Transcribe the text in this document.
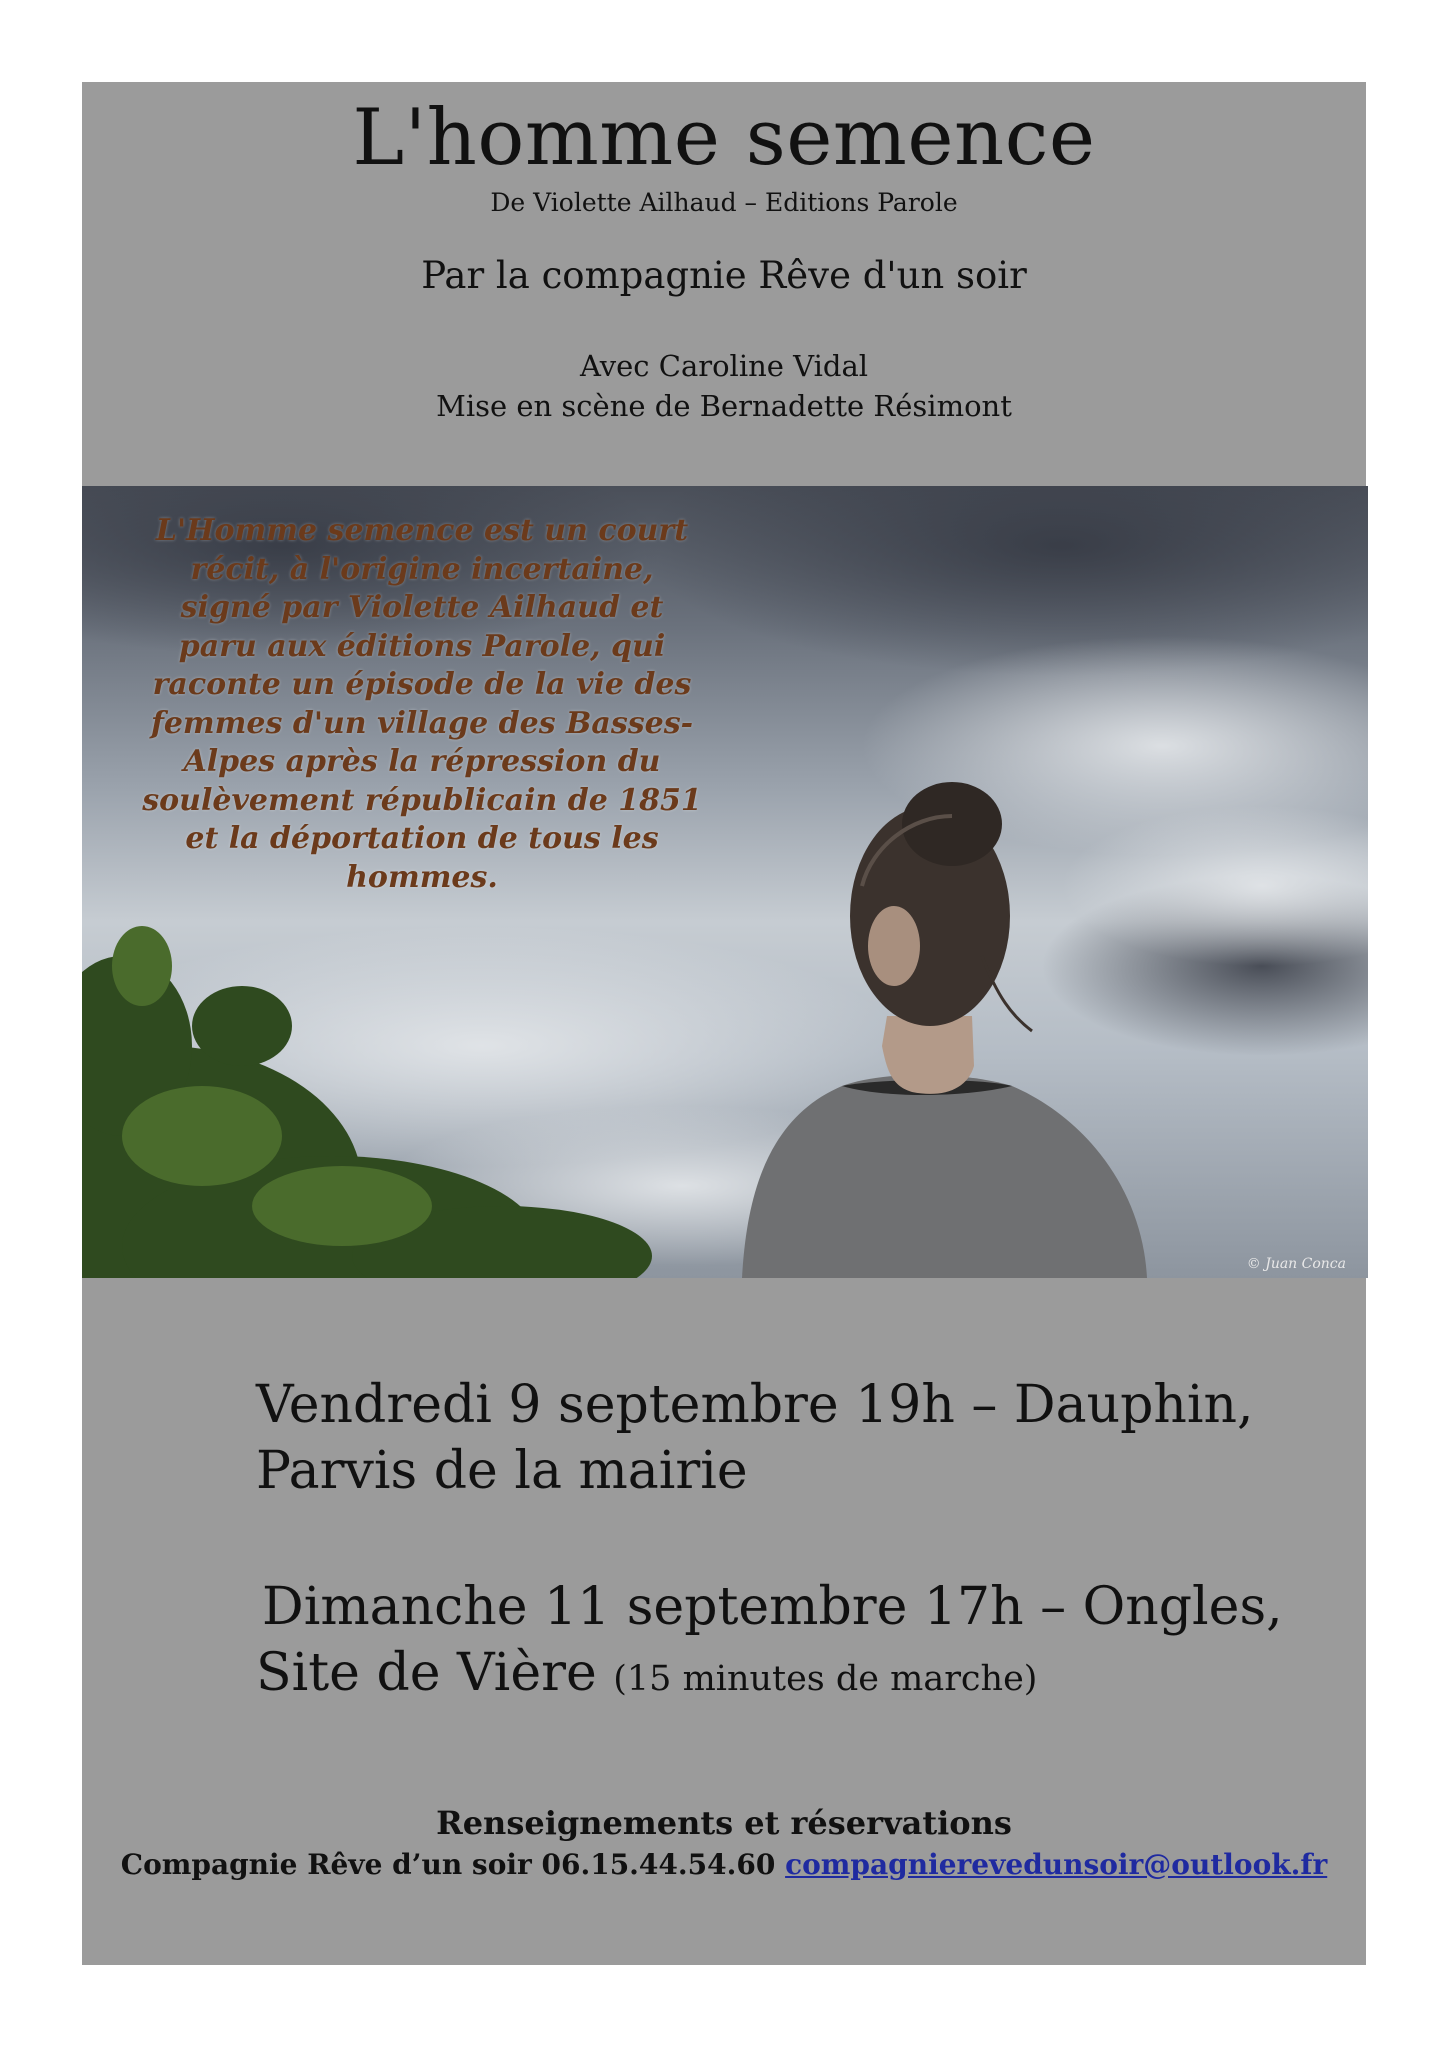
L'homme semence
De Violette Ailhaud – Editions Parole
Par la compagnie Rêve d'un soir
Avec Caroline Vidal
Mise en scène de Bernadette Résimont
L'Homme semence est un court récit, à l'origine incertaine, signé par Violette Ailhaud et paru aux éditions Parole, qui raconte un épisode de la vie des femmes d'un village des Basses-Alpes après la répression du soulèvement républicain de 1851 et la déportation de tous les hommes.
© Juan Conca
Vendredi 9 septembre 19h – Dauphin,
Parvis de la mairie
Dimanche 11 septembre 17h – Ongles,
Site de Vière (15 minutes de marche)
Renseignements et réservations
Compagnie Rêve d’un soir 06.15.44.54.60 compagnierevedunsoir@outlook.fr
